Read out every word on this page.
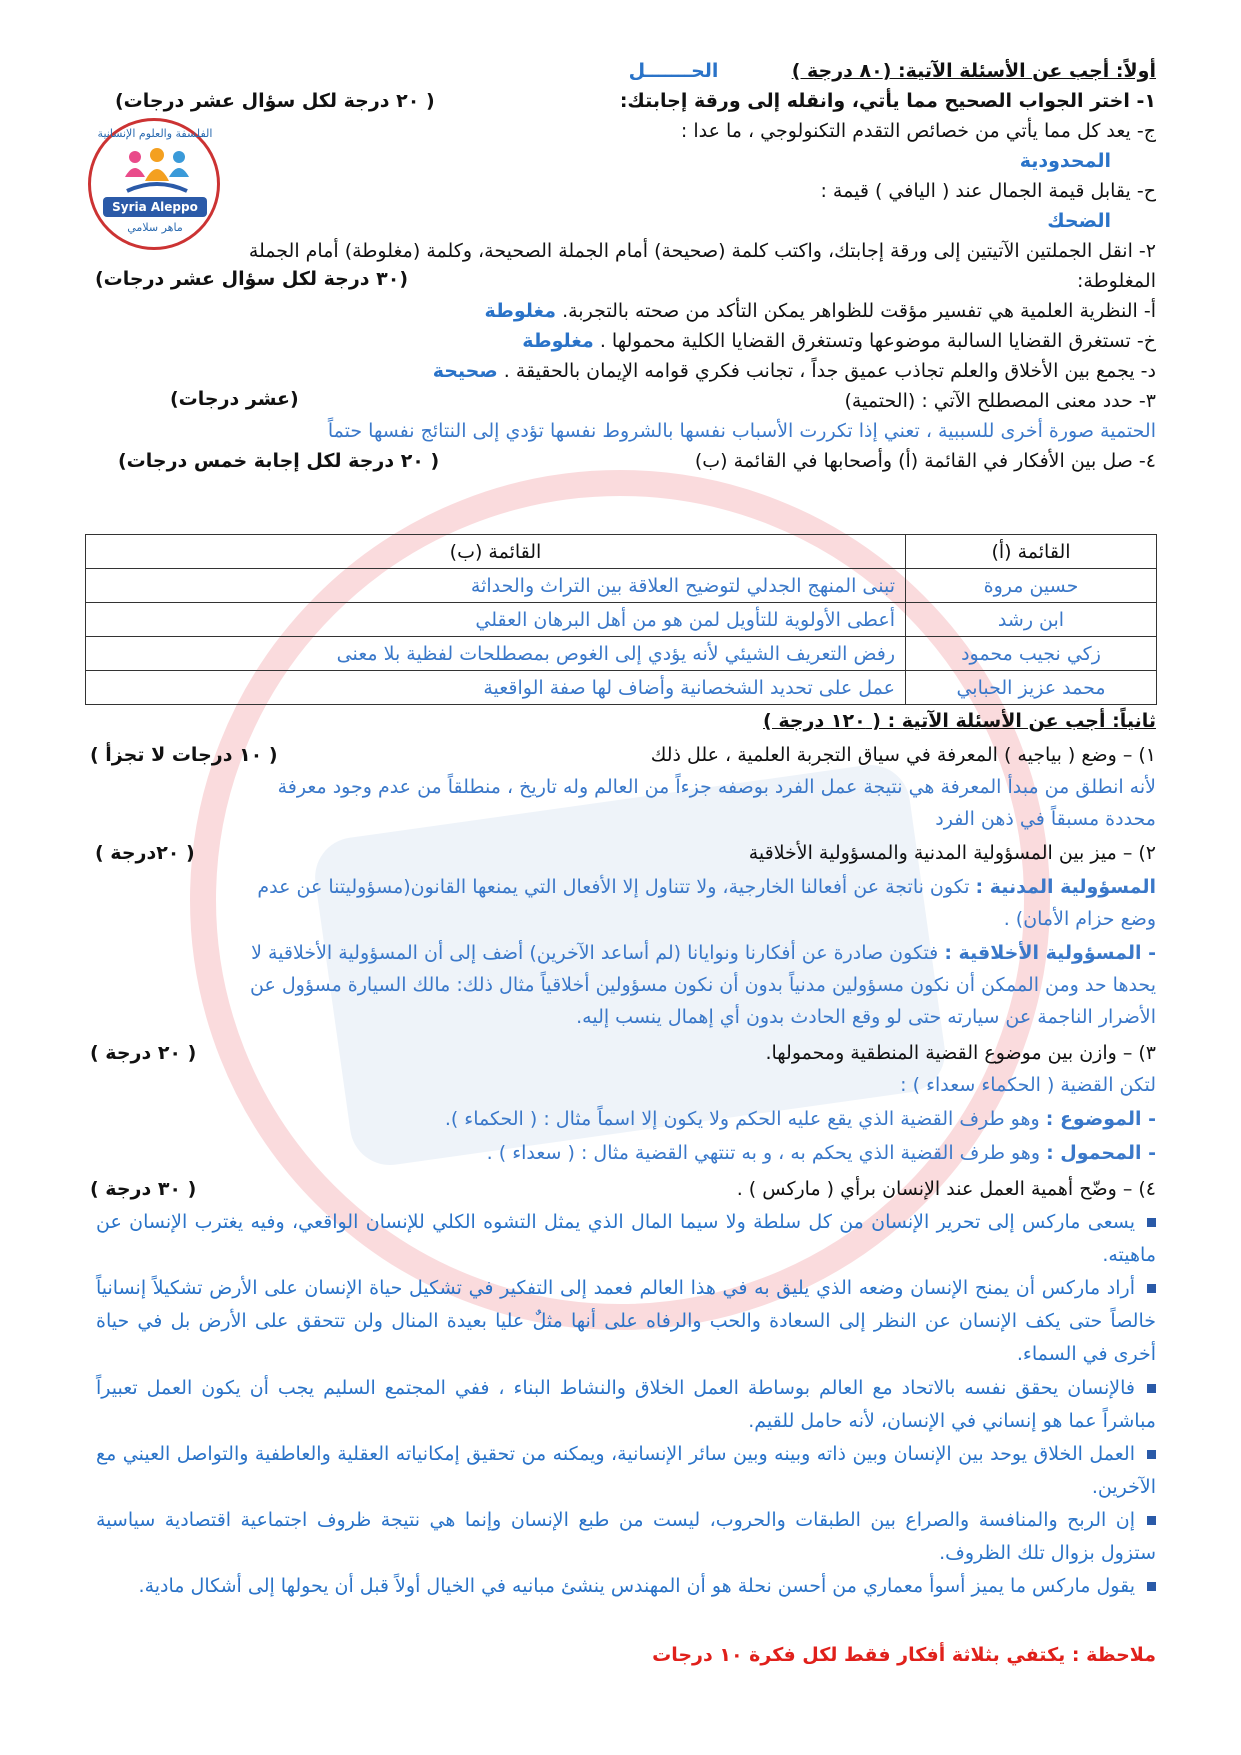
الفلسفة والعلوم الإنسانية
Syria Aleppo
ماهر سلامي
أولاً: أجب عن الأسئلة الآتية: (٨٠ درجة )  الحـــــــل
١- اختر الجواب الصحيح مما يأتي، وانقله إلى ورقة إجابتك:
( ٢٠ درجة لكل سؤال عشر درجات)
ج- يعد كل مما يأتي من خصائص التقدم التكنولوجي ، ما عدا :
المحدودية
ح- يقابل قيمة الجمال عند ( اليافي ) قيمة :
الضحك
٢- انقل الجملتين الآتيتين إلى ورقة إجابتك، واكتب كلمة (صحيحة) أمام الجملة الصحيحة، وكلمة (مغلوطة) أمام الجملة
المغلوطة:
(٣٠ درجة لكل سؤال عشر درجات)
أ- النظرية العلمية هي تفسير مؤقت للظواهر يمكن التأكد من صحته بالتجربة. مغلوطة
خ- تستغرق القضايا السالبة موضوعها وتستغرق القضايا الكلية محمولها . مغلوطة
د- يجمع بين الأخلاق والعلم تجاذب عميق جداً ، تجانب فكري قوامه الإيمان بالحقيقة . صحيحة
٣- حدد معنى المصطلح الآتي : (الحتمية)
(عشر درجات)
الحتمية صورة أخرى للسببية ، تعني إذا تكررت الأسباب نفسها بالشروط نفسها تؤدي إلى النتائج نفسها حتماً
٤- صل بين الأفكار في القائمة (أ) وأصحابها في القائمة (ب)
( ٢٠ درجة لكل إجابة خمس درجات)
القائمة (أ)	القائمة (ب)
حسين مروة	تبنى المنهج الجدلي لتوضيح العلاقة بين التراث والحداثة
ابن رشد	أعطى الأولوية للتأويل لمن هو من أهل البرهان العقلي
زكي نجيب محمود	رفض التعريف الشيئي لأنه يؤدي إلى الغوص بمصطلحات لفظية بلا معنى
محمد عزيز الحبابي	عمل على تحديد الشخصانية وأضاف لها صفة الواقعية
ثانياً: أجب عن الأسئلة الآتية : ( ١٢٠ درجة )
١) – وضع ( بياجيه ) المعرفة في سياق التجربة العلمية ، علل ذلك
( ١٠ درجات لا تجزأ )
لأنه انطلق من مبدأ المعرفة هي نتيجة عمل الفرد بوصفه جزءاً من العالم وله تاريخ ، منطلقاً من عدم وجود معرفة
محددة مسبقاً في ذهن الفرد
٢) – ميز بين المسؤولية المدنية والمسؤولية الأخلاقية
( ٢٠درجة )
المسؤولية المدنية : تكون ناتجة عن أفعالنا الخارجية، ولا تتناول إلا الأفعال التي يمنعها القانون(مسؤوليتنا عن عدم
وضع حزام الأمان) .
- المسؤولية الأخلاقية : فتكون صادرة عن أفكارنا ونوايانا (لم أساعد الآخرين) أضف إلى أن المسؤولية الأخلاقية لا
يحدها حد ومن الممكن أن نكون مسؤولين مدنياً بدون أن نكون مسؤولين أخلاقياً مثال ذلك: مالك السيارة مسؤول عن
الأضرار الناجمة عن سيارته حتى لو وقع الحادث بدون أي إهمال ينسب إليه.
٣) – وازن بين موضوع القضية المنطقية ومحمولها.
( ٢٠ درجة )
لتكن القضية ( الحكماء سعداء ) :
- الموضوع : وهو طرف القضية الذي يقع عليه الحكم ولا يكون إلا اسماً مثال : ( الحكماء ).
- المحمول : وهو طرف القضية الذي يحكم به ، و به تنتهي القضية مثال : ( سعداء ) .
٤) – وضّح أهمية العمل عند الإنسان برأي ( ماركس ) .
( ٣٠ درجة )
يسعى ماركس إلى تحرير الإنسان من كل سلطة ولا سيما المال الذي يمثل التشوه الكلي للإنسان الواقعي، وفيه يغترب الإنسان عن ماهيته.
أراد ماركس أن يمنح الإنسان وضعه الذي يليق به في هذا العالم فعمد إلى التفكير في تشكيل حياة الإنسان على الأرض تشكيلاً إنسانياً خالصاً حتى يكف الإنسان عن النظر إلى السعادة والحب والرفاه على أنها مثلٌ عليا بعيدة المنال ولن تتحقق على الأرض بل في حياة أخرى في السماء.
فالإنسان يحقق نفسه بالاتحاد مع العالم بوساطة العمل الخلاق والنشاط البناء ، ففي المجتمع السليم يجب أن يكون العمل تعبيراً مباشراً عما هو إنساني في الإنسان، لأنه حامل للقيم.
العمل الخلاق يوحد بين الإنسان وبين ذاته وبينه وبين سائر الإنسانية، ويمكنه من تحقيق إمكانياته العقلية والعاطفية والتواصل العيني مع الآخرين.
إن الربح والمنافسة والصراع بين الطبقات والحروب، ليست من طبع الإنسان وإنما هي نتيجة ظروف اجتماعية اقتصادية سياسية ستزول بزوال تلك الظروف.
يقول ماركس ما يميز أسوأ معماري من أحسن نحلة هو أن المهندس ينشئ مبانيه في الخيال أولاً قبل أن يحولها إلى أشكال مادية.
ملاحظة : يكتفي بثلاثة أفكار فقط لكل فكرة ١٠ درجات
